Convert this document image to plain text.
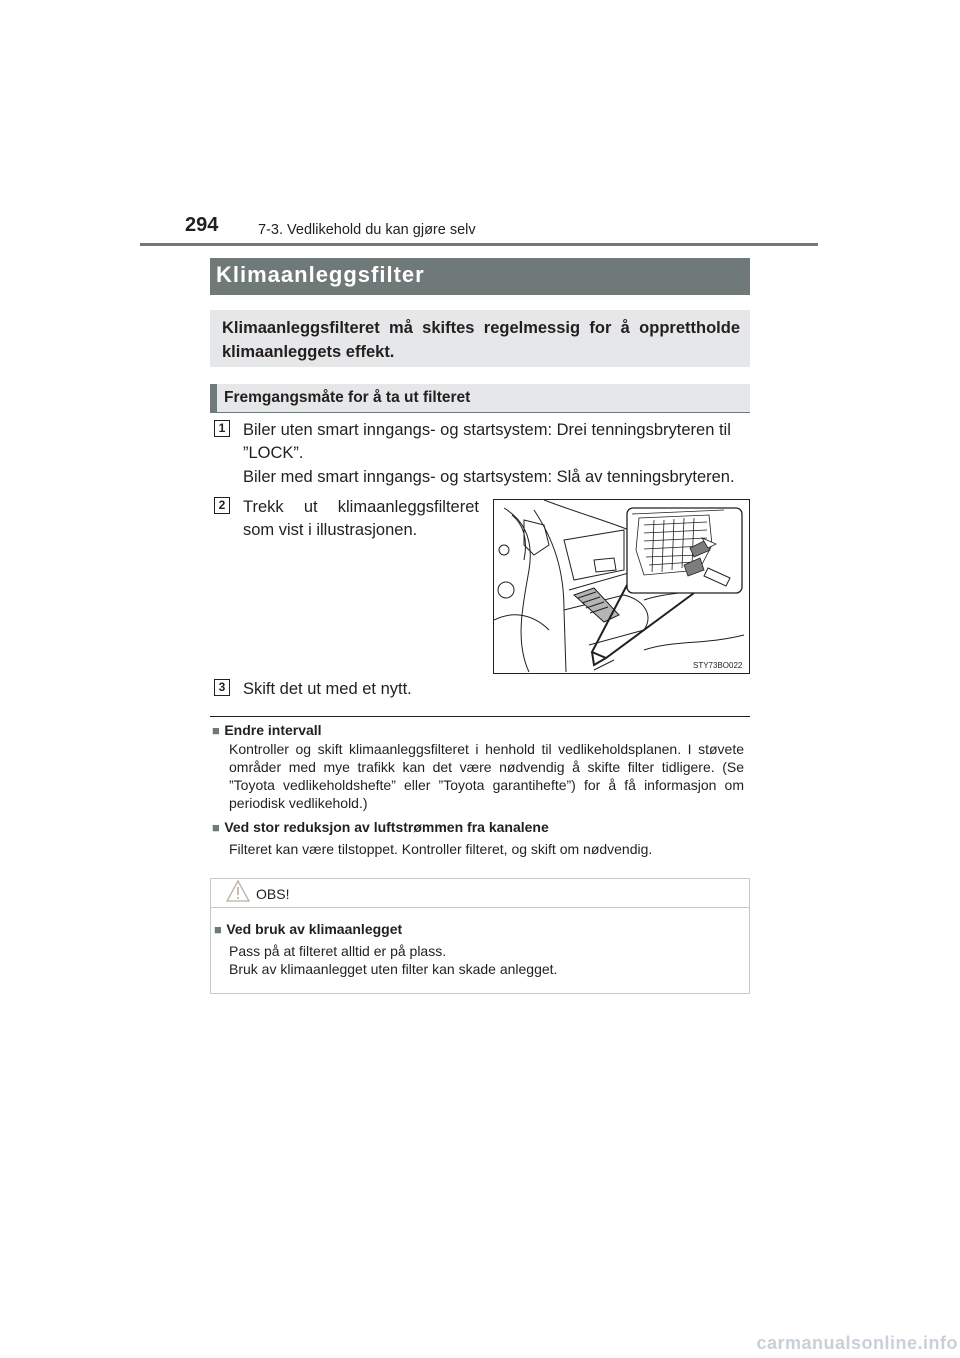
294	7-3. Vedlikehold du kan gjøre selv
Klimaanleggsfilter
Klimaanleggsfilteret må skiftes regelmessig for å opprettholde klimaanleggets effekt.
Fremgangsmåte for å ta ut filteret
1 Biler uten smart inngangs- og startsystem: Drei tenningsbryteren til ”LOCK”.
Biler med smart inngangs- og startsystem: Slå av tenningsbryteren.
2 Trekk ut klimaanleggsfilteret som vist i illustrasjonen.
STY73BO022
3 Skift det ut med et nytt.
■ Endre intervall
Kontroller og skift klimaanleggsfilteret i henhold til vedlikeholdsplanen. I støvete områder med mye trafikk kan det være nødvendig å skifte filter tidligere. (Se ”Toyota vedlikeholdshefte” eller ”Toyota garantihefte”) for å få informasjon om periodisk vedlikehold.)
■ Ved stor reduksjon av luftstrømmen fra kanalene
Filteret kan være tilstoppet. Kontroller filteret, og skift om nødvendig.
OBS!
■ Ved bruk av klimaanlegget
Pass på at filteret alltid er på plass.
Bruk av klimaanlegget uten filter kan skade anlegget.
carmanualsonline.info
